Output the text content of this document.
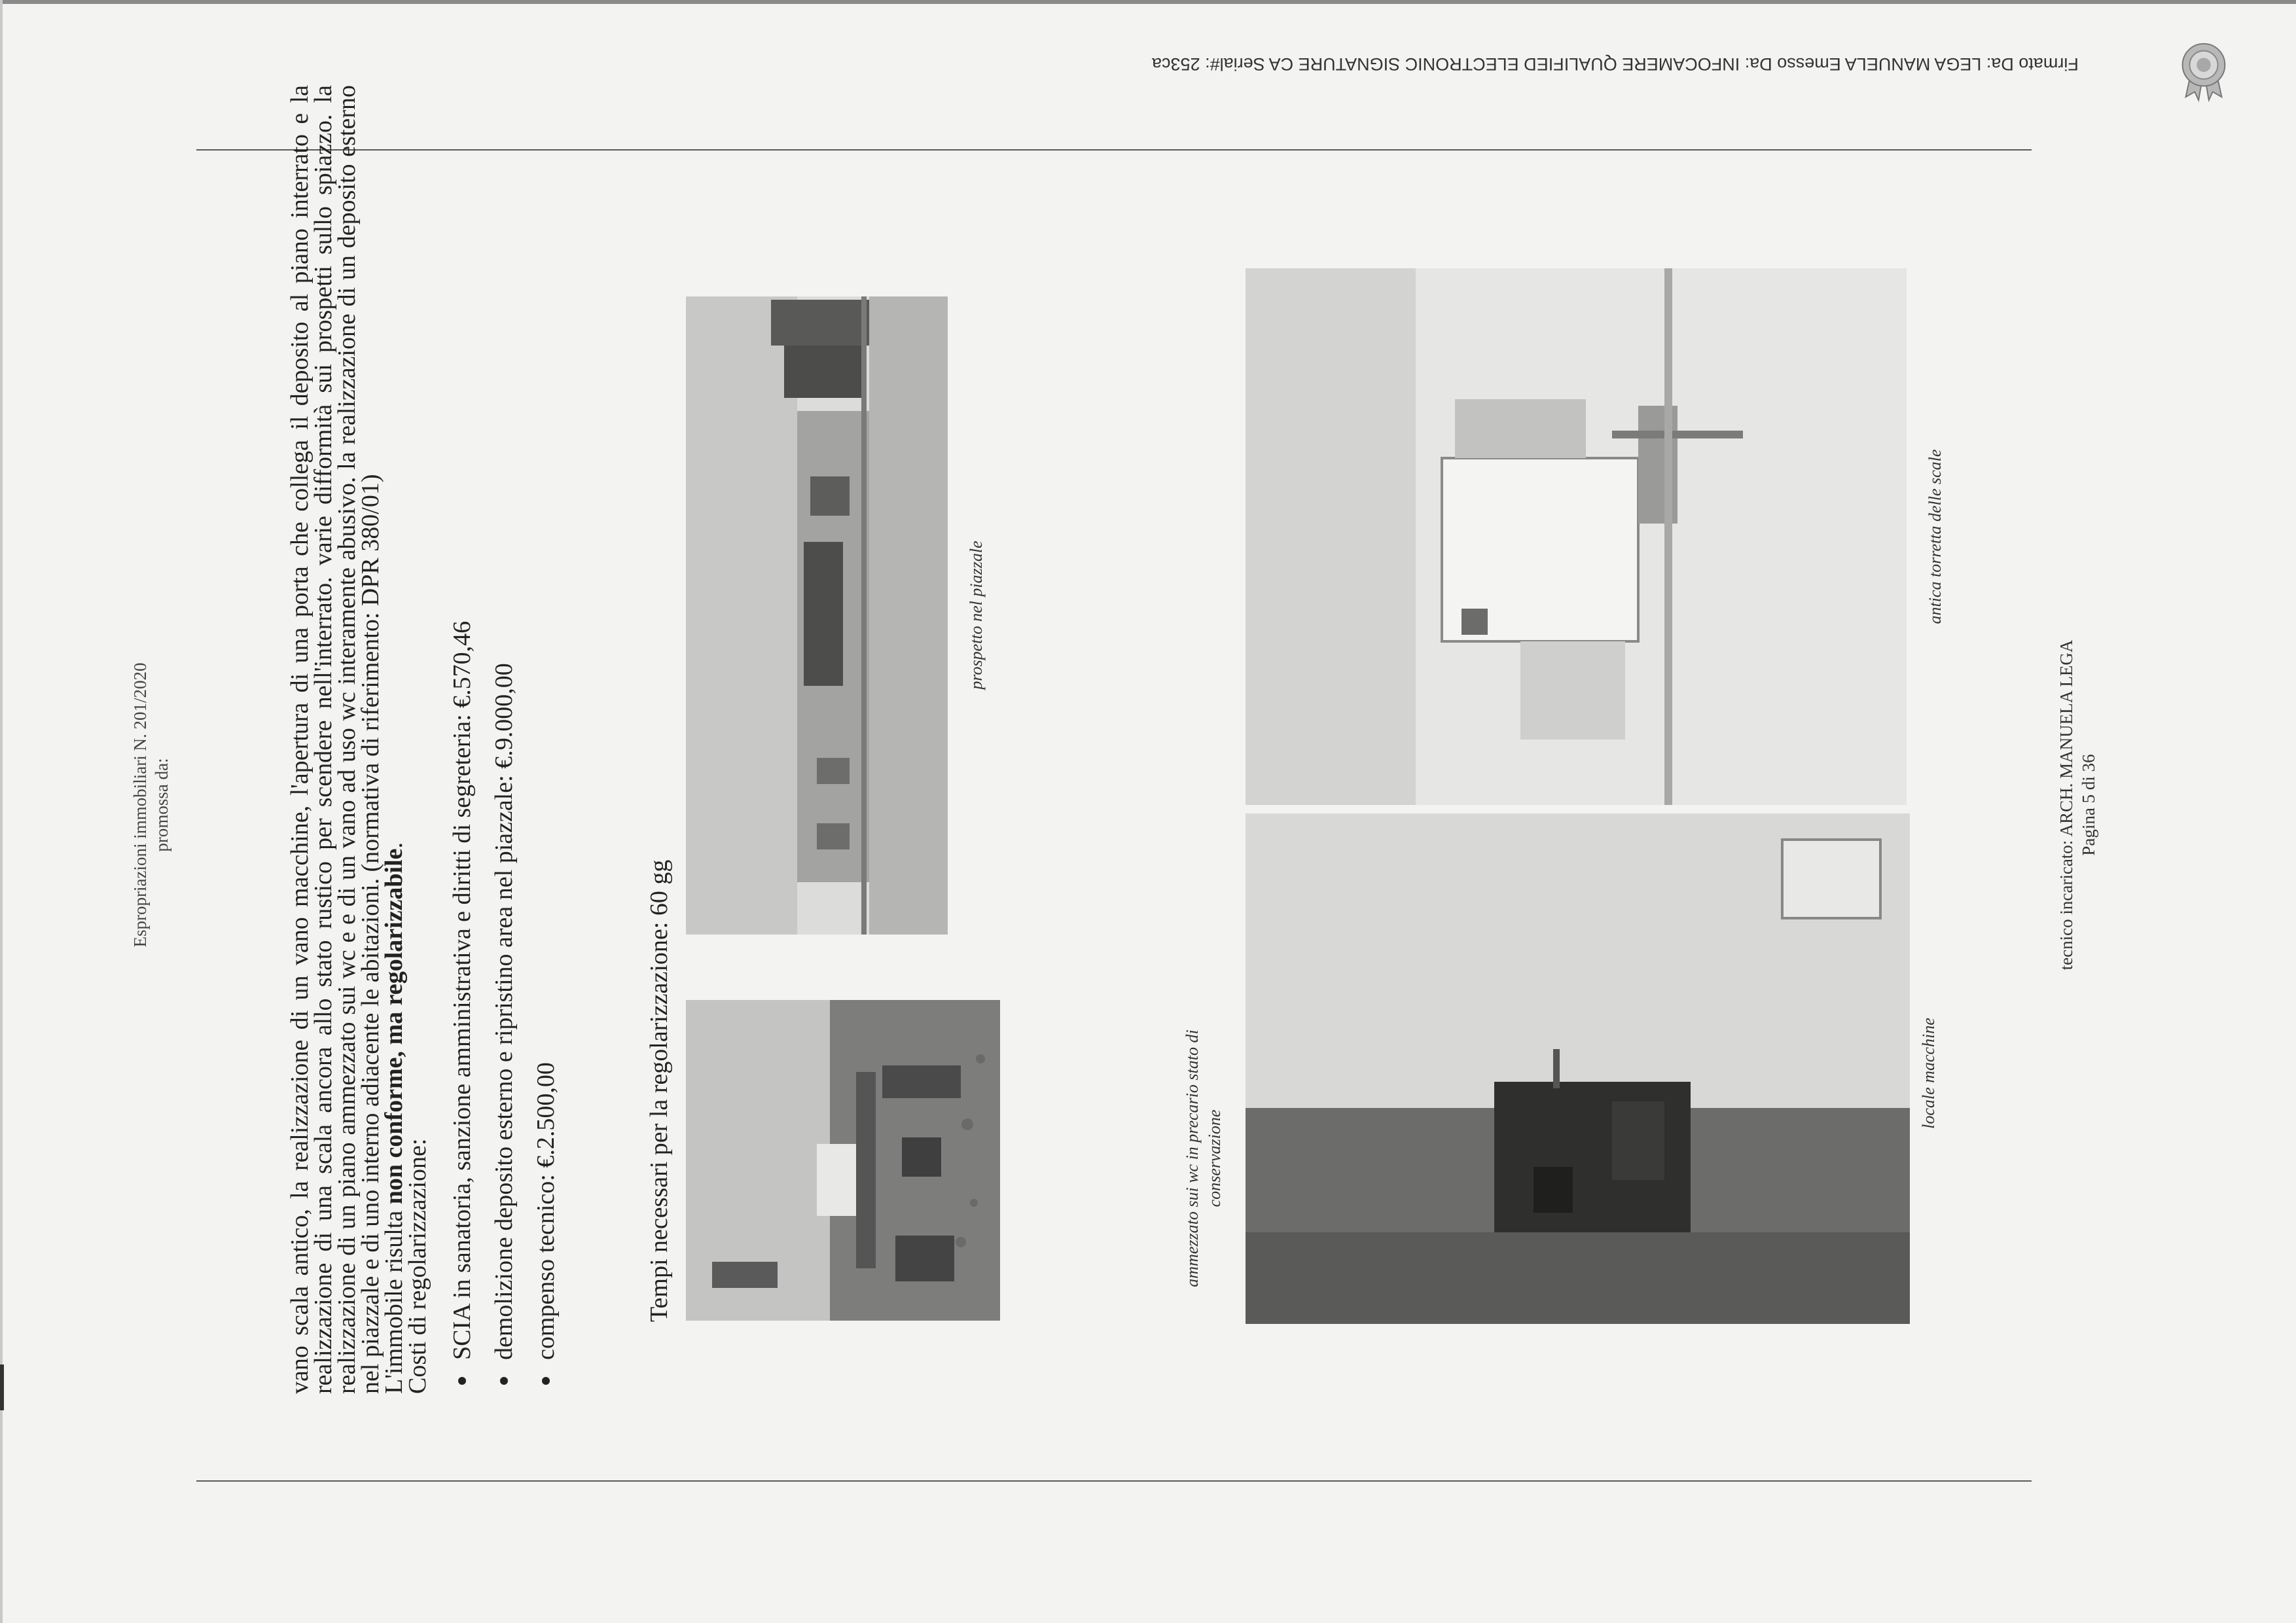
Firmato Da: LEGA MANUELA Emesso Da: INFOCAMERE QUALIFIED ELECTRONIC SIGNATURE CA Serial#: 253ca
Espropriazioni immobiliari N. 201/2020 promossa da:	vano scala antico, la realizzazione di un vano macchine, l'apertura di una porta che collega il deposito al piano interrato e la realizzazione di una scala ancora allo stato rustico per scendere nell'interrato. varie difformità sui prospetti sullo spiazzo. la realizzazione di un piano ammezzato sui wc e e di un vano ad uso wc interamente abusivo. la realizzazione di un deposito esterno nel piazzale e di uno interno adiacente le abitazioni. (normativa di riferimento: DPR 380/01)

L'immobile risulta non conforme, ma regolarizzabile.

Costi di regolarizzazione: SCIA in sanatoria, sanzione amministrativa e diritti di segreteria: €.570,46 demolizione deposito esterno e ripristino area nel piazzale: €.9.000,00 compenso tecnico: €.2.500,00	Tempi necessari per la regolarizzazione: 60 gg	ammezzato sui wc in precario stato di conservazione
prospetto nel piazzale
locale macchine
antica torretta delle scale
tecnico incaricato: ARCH. MANUELA LEGA Pagina 5 di 36
